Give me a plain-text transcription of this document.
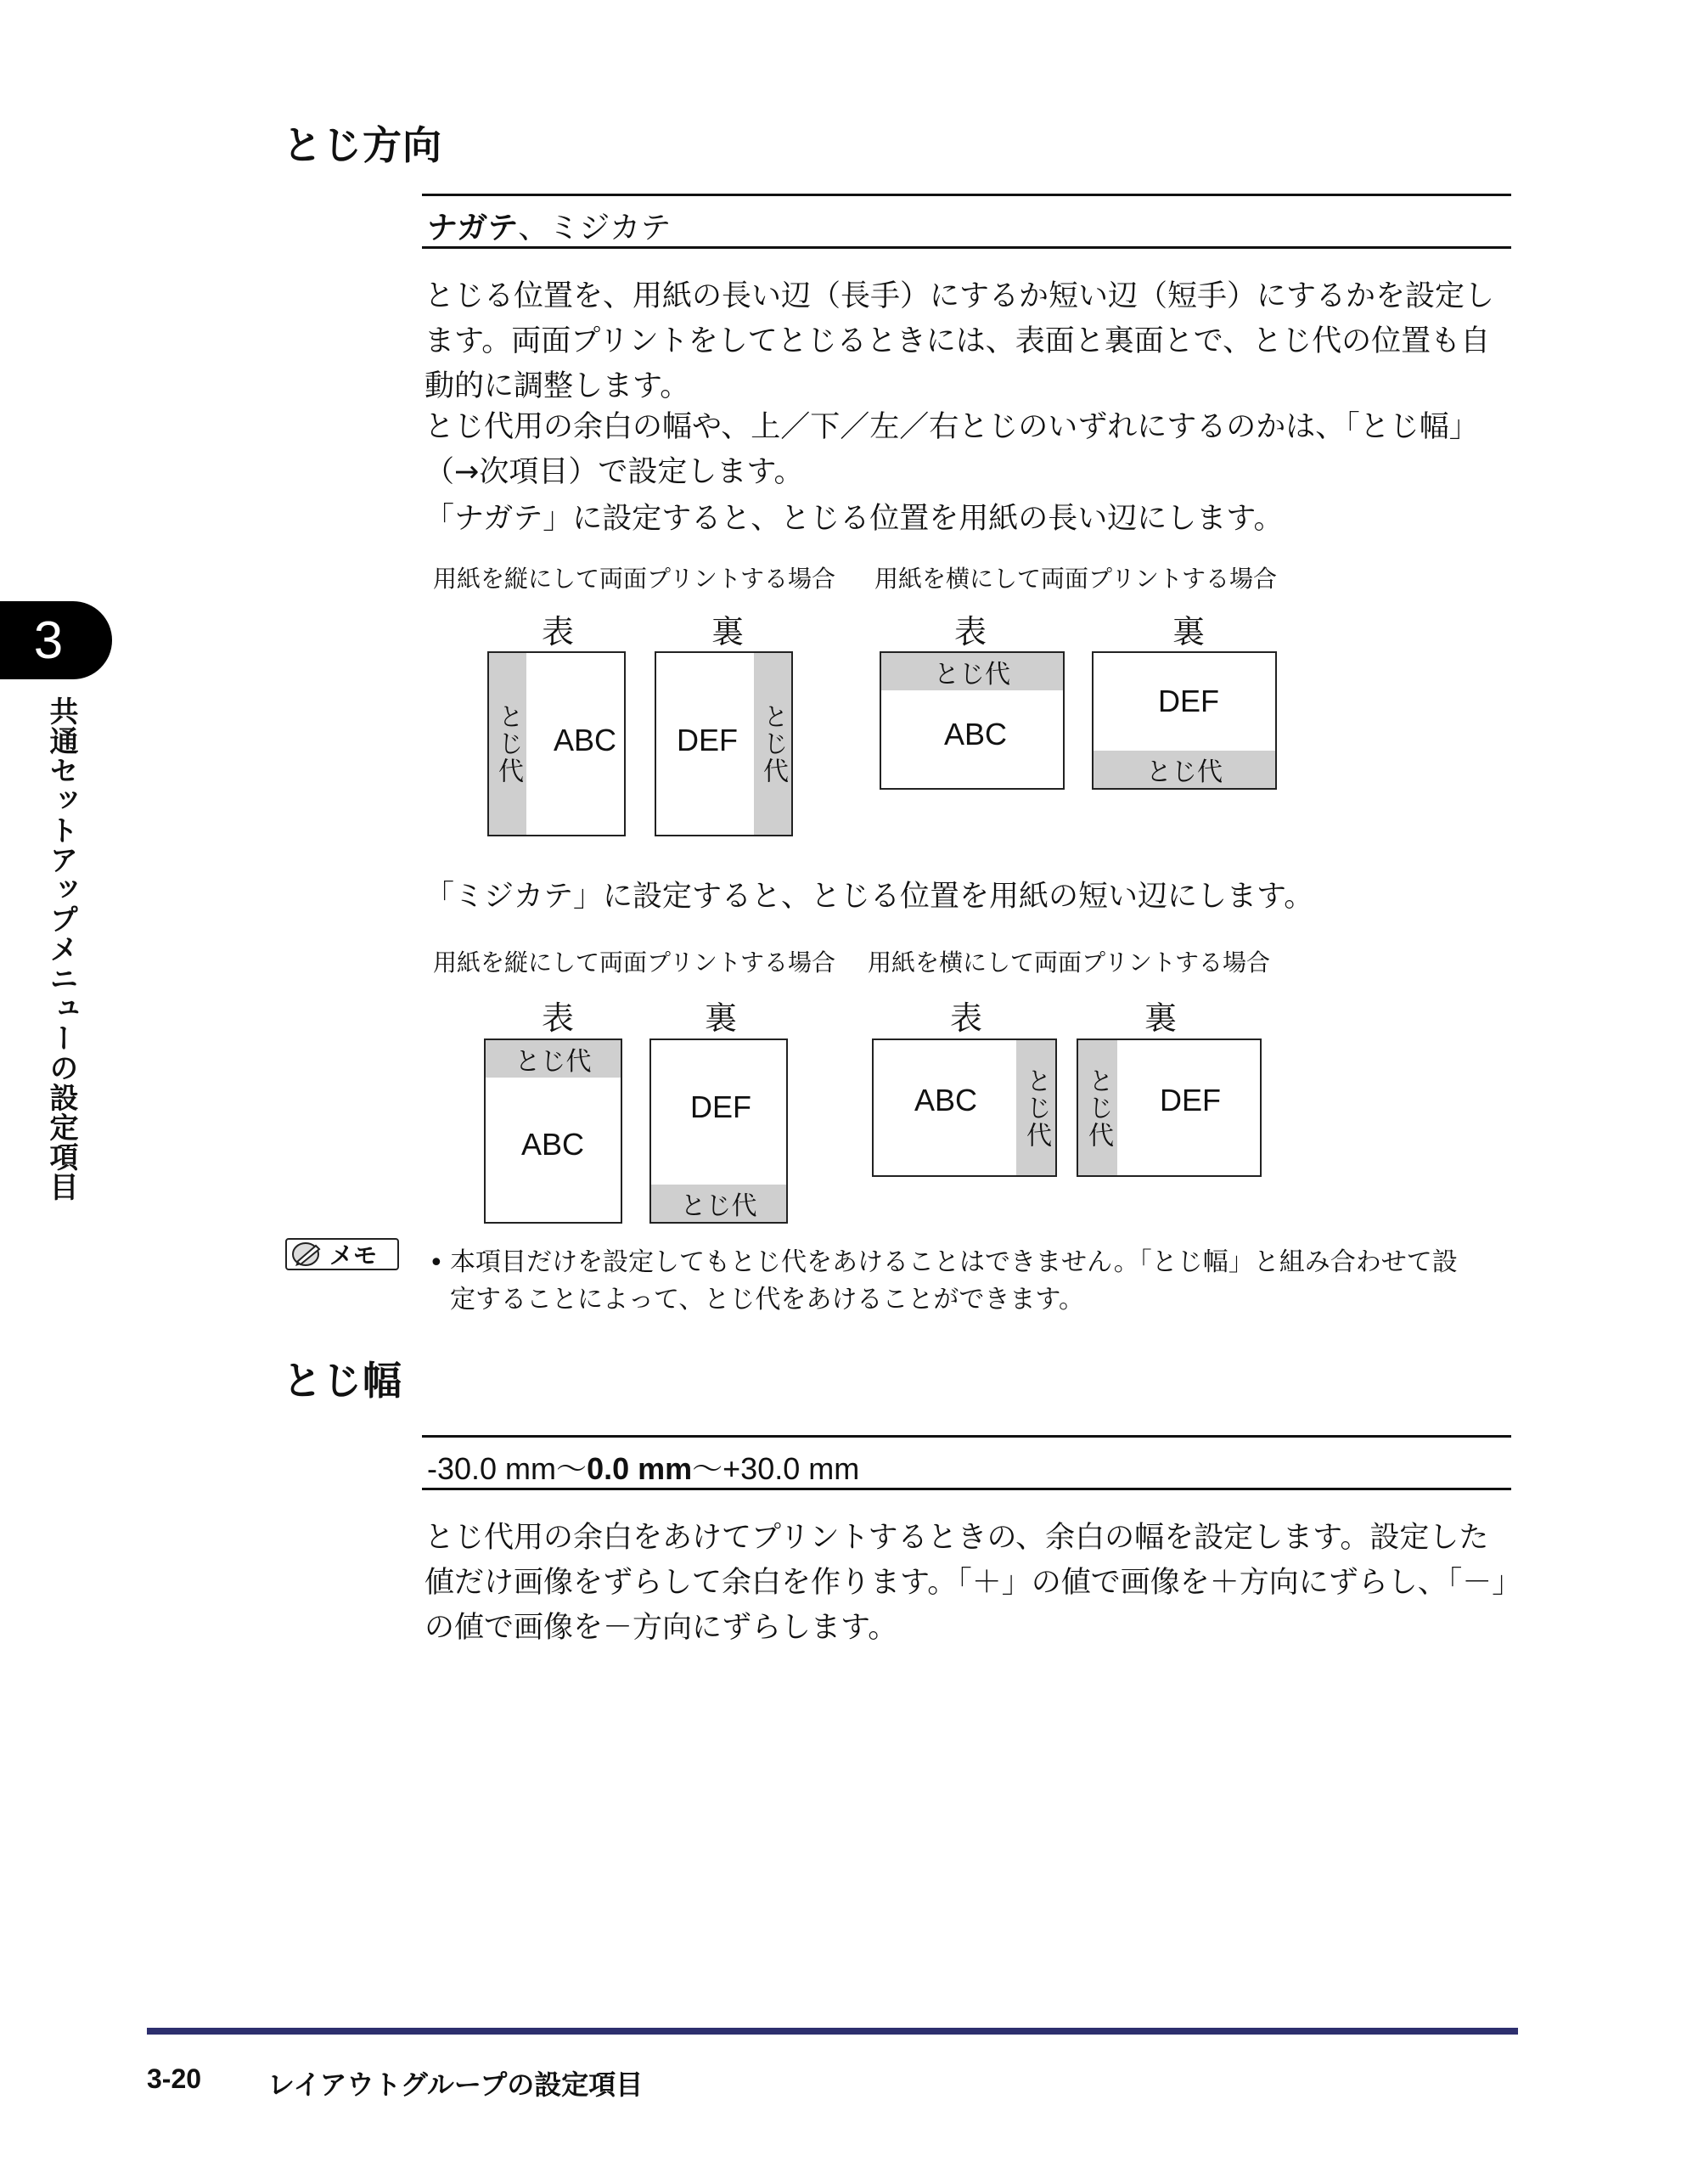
3
共通セットアップメニューの設定項目
とじ方向
ナガテ、ミジカテ
とじる位置を、用紙の長い辺（長手）にするか短い辺（短手）にするかを設定し
ます。両面プリントをしてとじるときには、表面と裏面とで、とじ代の位置も自
動的に調整します。
とじ代用の余白の幅や、上／下／左／右とじのいずれにするのかは、「とじ幅」
（→次項目）で設定します。
「ナガテ」に設定すると、とじる位置を用紙の長い辺にします。
用紙を縦にして両面プリントする場合 用紙を横にして両面プリントする場合
表	裏	表	裏
とじ代 ABC	とじ代
DEF
とじ代
ABC
とじ代
DEF
「ミジカテ」に設定すると、とじる位置を用紙の短い辺にします。
用紙を縦にして両面プリントする場合 用紙を横にして両面プリントする場合
表	裏	表	裏
とじ代
ABC
とじ代
DEF	とじ代
ABC	とじ代 DEF
メモ • 本項目だけを設定してもとじ代をあけることはできません。「とじ幅」と組み合わせて設
定することによって、とじ代をあけることができます。
とじ幅
-30.0 mm～0.0 mm～+30.0 mm
とじ代用の余白をあけてプリントするときの、余白の幅を設定します。設定した
値だけ画像をずらして余白を作ります。「＋」の値で画像を＋方向にずらし、「－」
の値で画像を－方向にずらします。
3-20 レイアウトグループの設定項目
